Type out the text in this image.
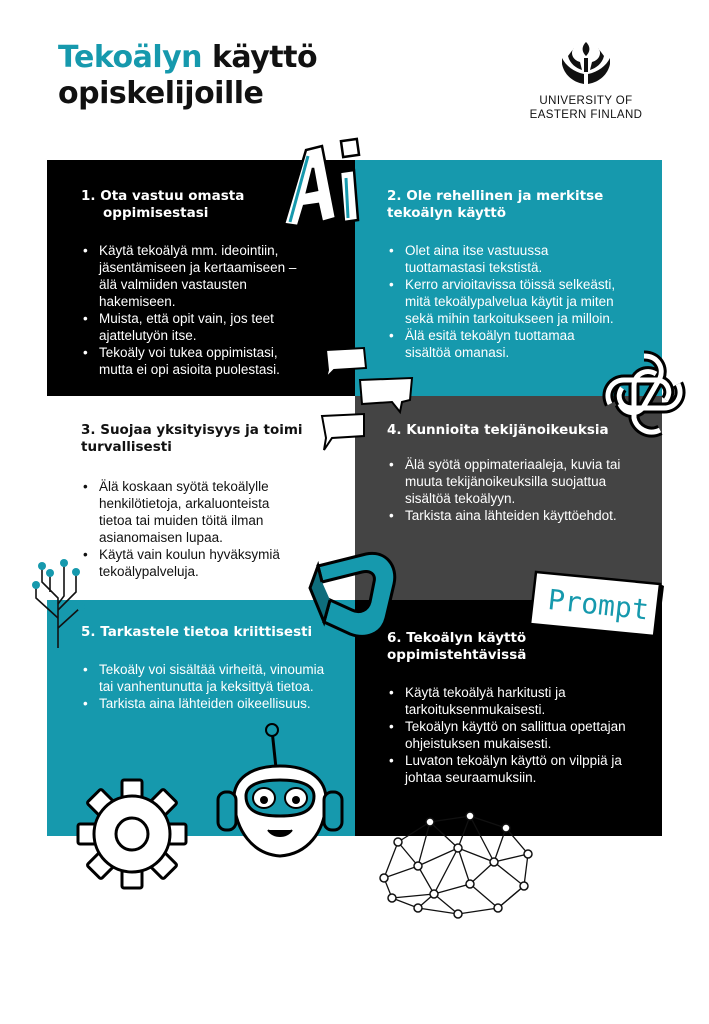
Tekoälyn käyttö
opiskelijoille	UNIVERSITY OF
EASTERN FINLAND
1. Ota vastuu omasta
oppimisestasi
• Käytä tekoälyä mm. ideointiin, jäsentämiseen ja kertaamiseen – älä valmiiden vastausten hakemiseen.
• Muista, että opit vain, jos teet ajattelutyön itse.
• Tekoäly voi tukea oppimistasi, mutta ei opi asioita puolestasi.
2. Ole rehellinen ja merkitse
tekoälyn käyttö
• Olet aina itse vastuussa tuottamastasi tekstistä.
• Kerro arvioitavissa töissä selkeästi, mitä tekoälypalvelua käytit ja miten sekä mihin tarkoitukseen ja milloin.
• Älä esitä tekoälyn tuottamaa sisältöä omanasi.
3. Suojaa yksityisyys ja toimi
turvallisesti
• Älä koskaan syötä tekoälylle henkilötietoja, arkaluonteista tietoa tai muiden töitä ilman asianomaisen lupaa.
• Käytä vain koulun hyväksymiä tekoälypalveluja.
4. Kunnioita tekijänoikeuksia
• Älä syötä oppimateriaaleja, kuvia tai muuta tekijänoikeuksilla suojattua sisältöä tekoälyyn.
• Tarkista aina lähteiden käyttöehdot.
5. Tarkastele tietoa kriittisesti
• Tekoäly voi sisältää virheitä, vinoumia tai vanhentunutta ja keksittyä tietoa.
• Tarkista aina lähteiden oikeellisuus.
6. Tekoälyn käyttö
oppimistehtävissä
• Käytä tekoälyä harkitusti ja tarkoituksenmukaisesti.
• Tekoälyn käyttö on sallittua opettajan ohjeistuksen mukaisesti.
• Luvaton tekoälyn käyttö on vilppiä ja johtaa seuraamuksiin.
Prompt
